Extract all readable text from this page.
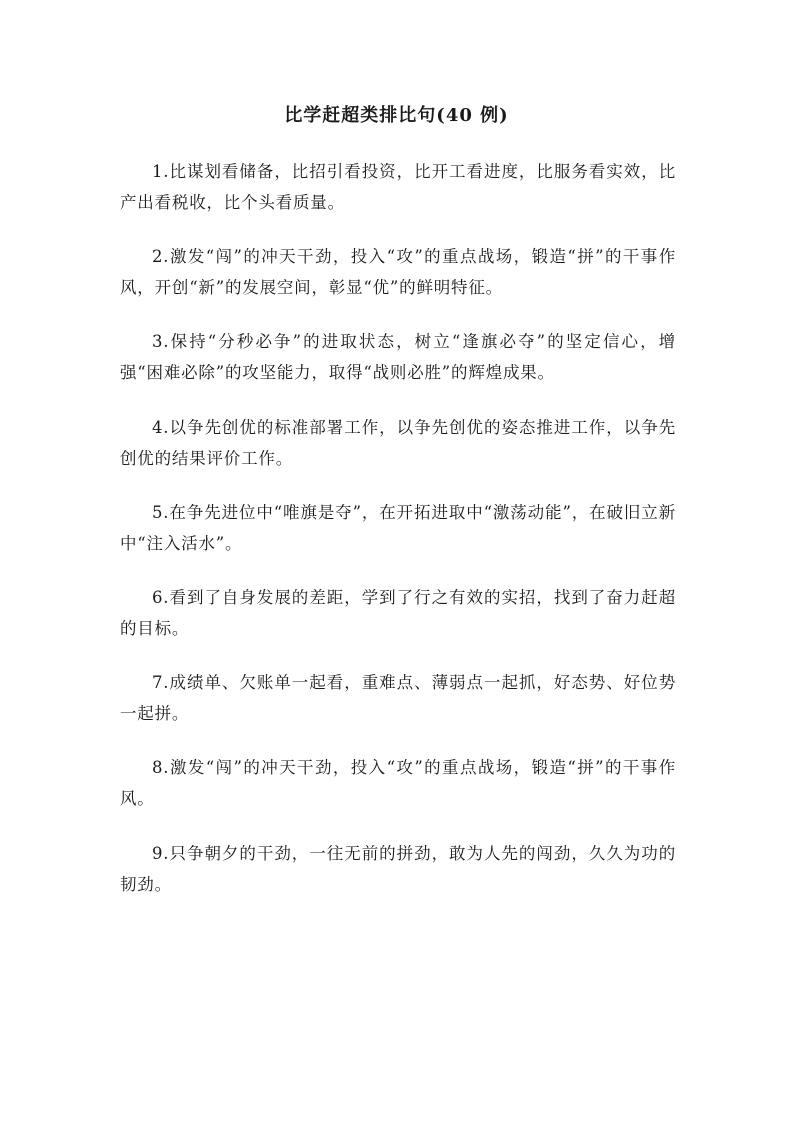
比学赶超类排比句(40 例)

1.比谋划看储备，比招引看投资，比开工看进度，比服务看实效，比产出看税收，比个头看质量。

2.激发“闯”的冲天干劲，投入“攻”的重点战场，锻造“拼”的干事作风，开创“新”的发展空间，彰显“优”的鲜明特征。

3.保持“分秒必争”的进取状态，树立“逢旗必夺”的坚定信心，增强“困难必除”的攻坚能力，取得“战则必胜”的辉煌成果。

4.以争先创优的标准部署工作，以争先创优的姿态推进工作，以争先创优的结果评价工作。

5.在争先进位中“唯旗是夺”，在开拓进取中“激荡动能”，在破旧立新中“注入活水”。

6.看到了自身发展的差距，学到了行之有效的实招，找到了奋力赶超的目标。

7.成绩单、欠账单一起看，重难点、薄弱点一起抓，好态势、好位势一起拼。

8.激发“闯”的冲天干劲，投入“攻”的重点战场，锻造“拼”的干事作风。

9.只争朝夕的干劲，一往无前的拼劲，敢为人先的闯劲，久久为功的韧劲。
